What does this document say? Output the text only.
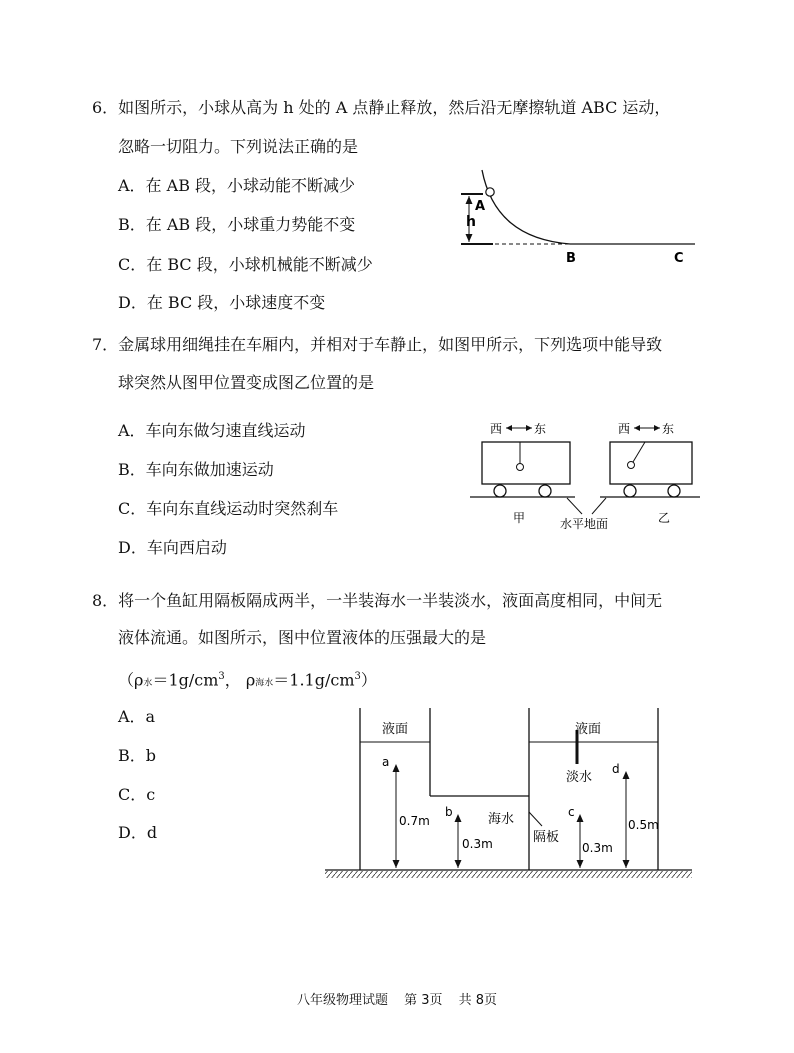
6．如图所示，小球从高为 h 处的 A 点静止释放，然后沿无摩擦轨道 ABC 运动，
忽略一切阻力。下列说法正确的是
A．在 AB 段，小球动能不断减少
B．在 AB 段，小球重力势能不变
C．在 BC 段，小球机械能不断减少
D．在 BC 段，小球速度不变
A
h
B	C
7．金属球用细绳挂在车厢内，并相对于车静止，如图甲所示，下列选项中能导致
球突然从图甲位置变成图乙位置的是
A．车向东做匀速直线运动
B．车向东做加速运动
C．车向东直线运动时突然刹车
D．车向西启动
西	东
甲
西	东
乙
水平地面
8．将一个鱼缸用隔板隔成两半，一半装海水一半装淡水，液面高度相同，中间无
液体流通。如图所示，图中位置液体的压强最大的是
（ρ水$=1g/cm^3$， ρ海水$=1.1g/cm^3$）
A．a
B．b
C．c
D．d
液面	液面
a
0.7m
b
0.3m
海水
隔板
淡水
c
0.3m
d
0.5m
八年级物理试题 第 3页 共 8页
